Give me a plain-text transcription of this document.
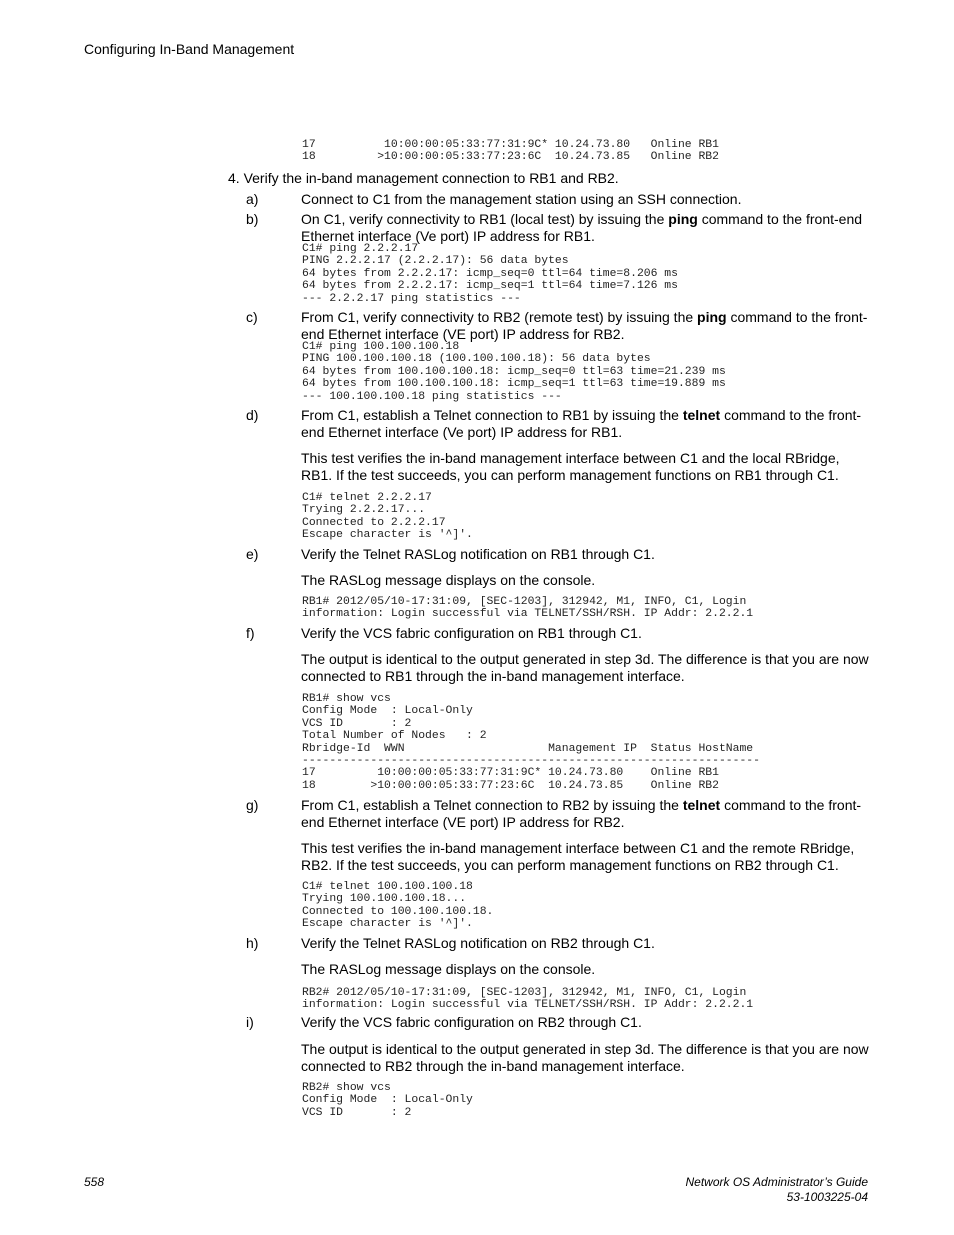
Configuring In-Band Management
17          10:00:00:05:33:77:31:9C* 10.24.73.80   Online RB1
18         >10:00:00:05:33:77:23:6C  10.24.73.85   Online RB2
4. Verify the in-band management connection to RB1 and RB2.
a)	Connect to C1 from the management station using an SSH connection.
b)	On C1, verify connectivity to RB1 (local test) by issuing the ping command to the front-end Ethernet interface (Ve port) IP address for RB1.
C1# ping 2.2.2.17
PING 2.2.2.17 (2.2.2.17): 56 data bytes
64 bytes from 2.2.2.17: icmp_seq=0 ttl=64 time=8.206 ms
64 bytes from 2.2.2.17: icmp_seq=1 ttl=64 time=7.126 ms
--- 2.2.2.17 ping statistics ---
c)	From C1, verify connectivity to RB2 (remote test) by issuing the ping command to the front-end Ethernet interface (VE port) IP address for RB2.
C1# ping 100.100.100.18
PING 100.100.100.18 (100.100.100.18): 56 data bytes
64 bytes from 100.100.100.18: icmp_seq=0 ttl=63 time=21.239 ms
64 bytes from 100.100.100.18: icmp_seq=1 ttl=63 time=19.889 ms
--- 100.100.100.18 ping statistics ---
d)	From C1, establish a Telnet connection to RB1 by issuing the telnet command to the front-end Ethernet interface (Ve port) IP address for RB1.
This test verifies the in-band management interface between C1 and the local RBridge, RB1. If the test succeeds, you can perform management functions on RB1 through C1.
C1# telnet 2.2.2.17
Trying 2.2.2.17...
Connected to 2.2.2.17
Escape character is '^]'.
e)	Verify the Telnet RASLog notification on RB1 through C1.
The RASLog message displays on the console.
RB1# 2012/05/10-17:31:09, [SEC-1203], 312942, M1, INFO, C1, Login
information: Login successful via TELNET/SSH/RSH. IP Addr: 2.2.2.1
f)	Verify the VCS fabric configuration on RB1 through C1.
The output is identical to the output generated in step 3d. The difference is that you are now connected to RB1 through the in-band management interface.
RB1# show vcs
Config Mode  : Local-Only
VCS ID       : 2
Total Number of Nodes   : 2
Rbridge-Id  WWN                     Management IP  Status HostName
-------------------------------------------------------------------
17         10:00:00:05:33:77:31:9C* 10.24.73.80    Online RB1
18        >10:00:00:05:33:77:23:6C  10.24.73.85    Online RB2
g)	From C1, establish a Telnet connection to RB2 by issuing the telnet command to the front-end Ethernet interface (VE port) IP address for RB2.
This test verifies the in-band management interface between C1 and the remote RBridge, RB2. If the test succeeds, you can perform management functions on RB2 through C1.
C1# telnet 100.100.100.18
Trying 100.100.100.18...
Connected to 100.100.100.18.
Escape character is '^]'.
h)	Verify the Telnet RASLog notification on RB2 through C1.
The RASLog message displays on the console.
RB2# 2012/05/10-17:31:09, [SEC-1203], 312942, M1, INFO, C1, Login
information: Login successful via TELNET/SSH/RSH. IP Addr: 2.2.2.1
i)	Verify the VCS fabric configuration on RB2 through C1.
The output is identical to the output generated in step 3d. The difference is that you are now connected to RB2 through the in-band management interface.
RB2# show vcs
Config Mode  : Local-Only
VCS ID       : 2
558	Network OS Administrator’s Guide
53-1003225-04
